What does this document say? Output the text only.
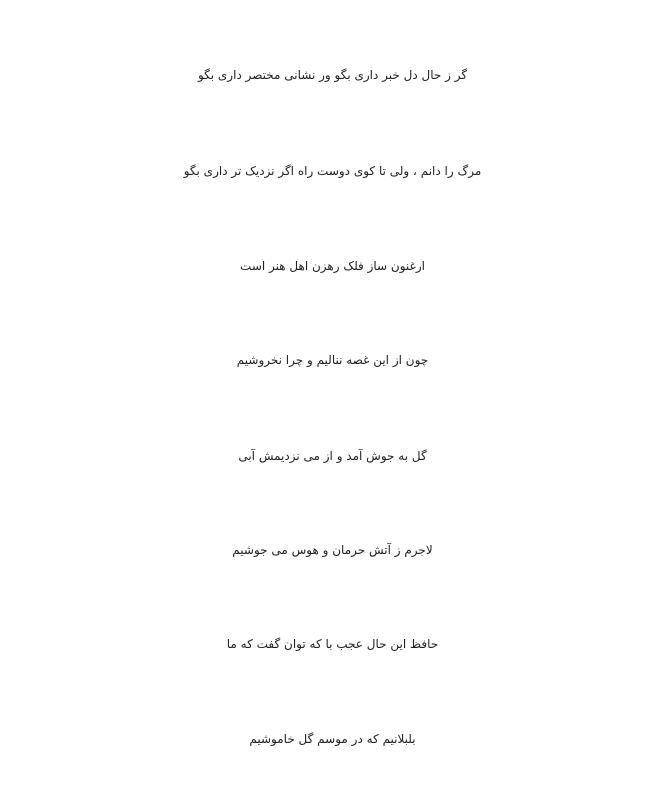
گر ز حال دل خبر داری بگو ور نشانی مختصر داری بگو
مرگ را دانم ، ولی تا کوی دوست راه اگر نزدیک تر داری بگو
ارغنون ساز فلک رهزن اهل هنر است
چون از این غصه ننالیم و چرا نخروشیم
گل به جوش آمد و از می نزدیمش آبی
لاجرم ز آتش حرمان و هوس می جوشیم
حافظ این حال عجب با که توان گفت که ما
بلبلانیم که در موسم گل خاموشیم
